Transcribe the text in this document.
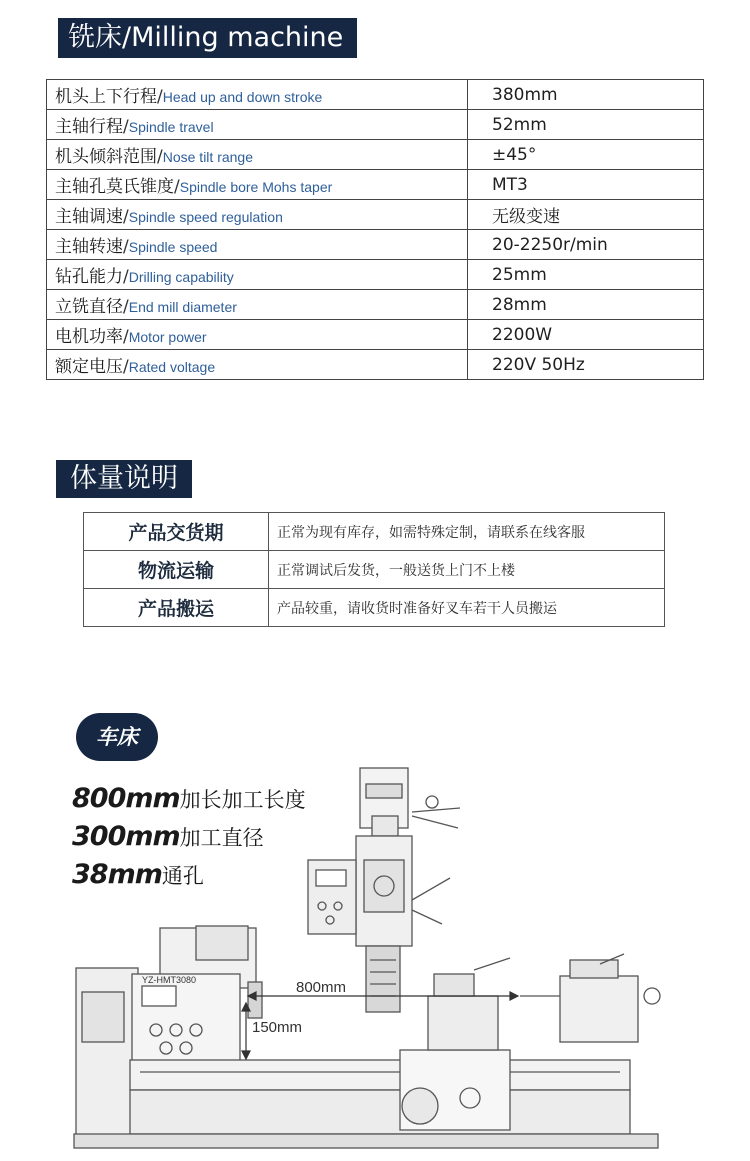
铣床/Milling machine
机头上下行程/Head up and down stroke	380mm
主轴行程/Spindle travel	52mm
机头倾斜范围/Nose tilt range	±45°
主轴孔莫氏锥度/Spindle bore Mohs taper	MT3
主轴调速/Spindle speed regulation	无级变速
主轴转速/Spindle speed	20-2250r/min
钻孔能力/Drilling capability	25mm
立铣直径/End mill diameter	28mm
电机功率/Motor power	2200W
额定电压/Rated voltage	220V 50Hz
体量说明
产品交货期	正常为现有库存，如需特殊定制，请联系在线客服
物流运输	正常调试后发货，一般送货上门不上楼
产品搬运	产品较重，请收货时准备好叉车若干人员搬运
车床
800mm加长加工长度
300mm加工直径
38mm通孔
YZ-HMT3080	800mm
150mm
